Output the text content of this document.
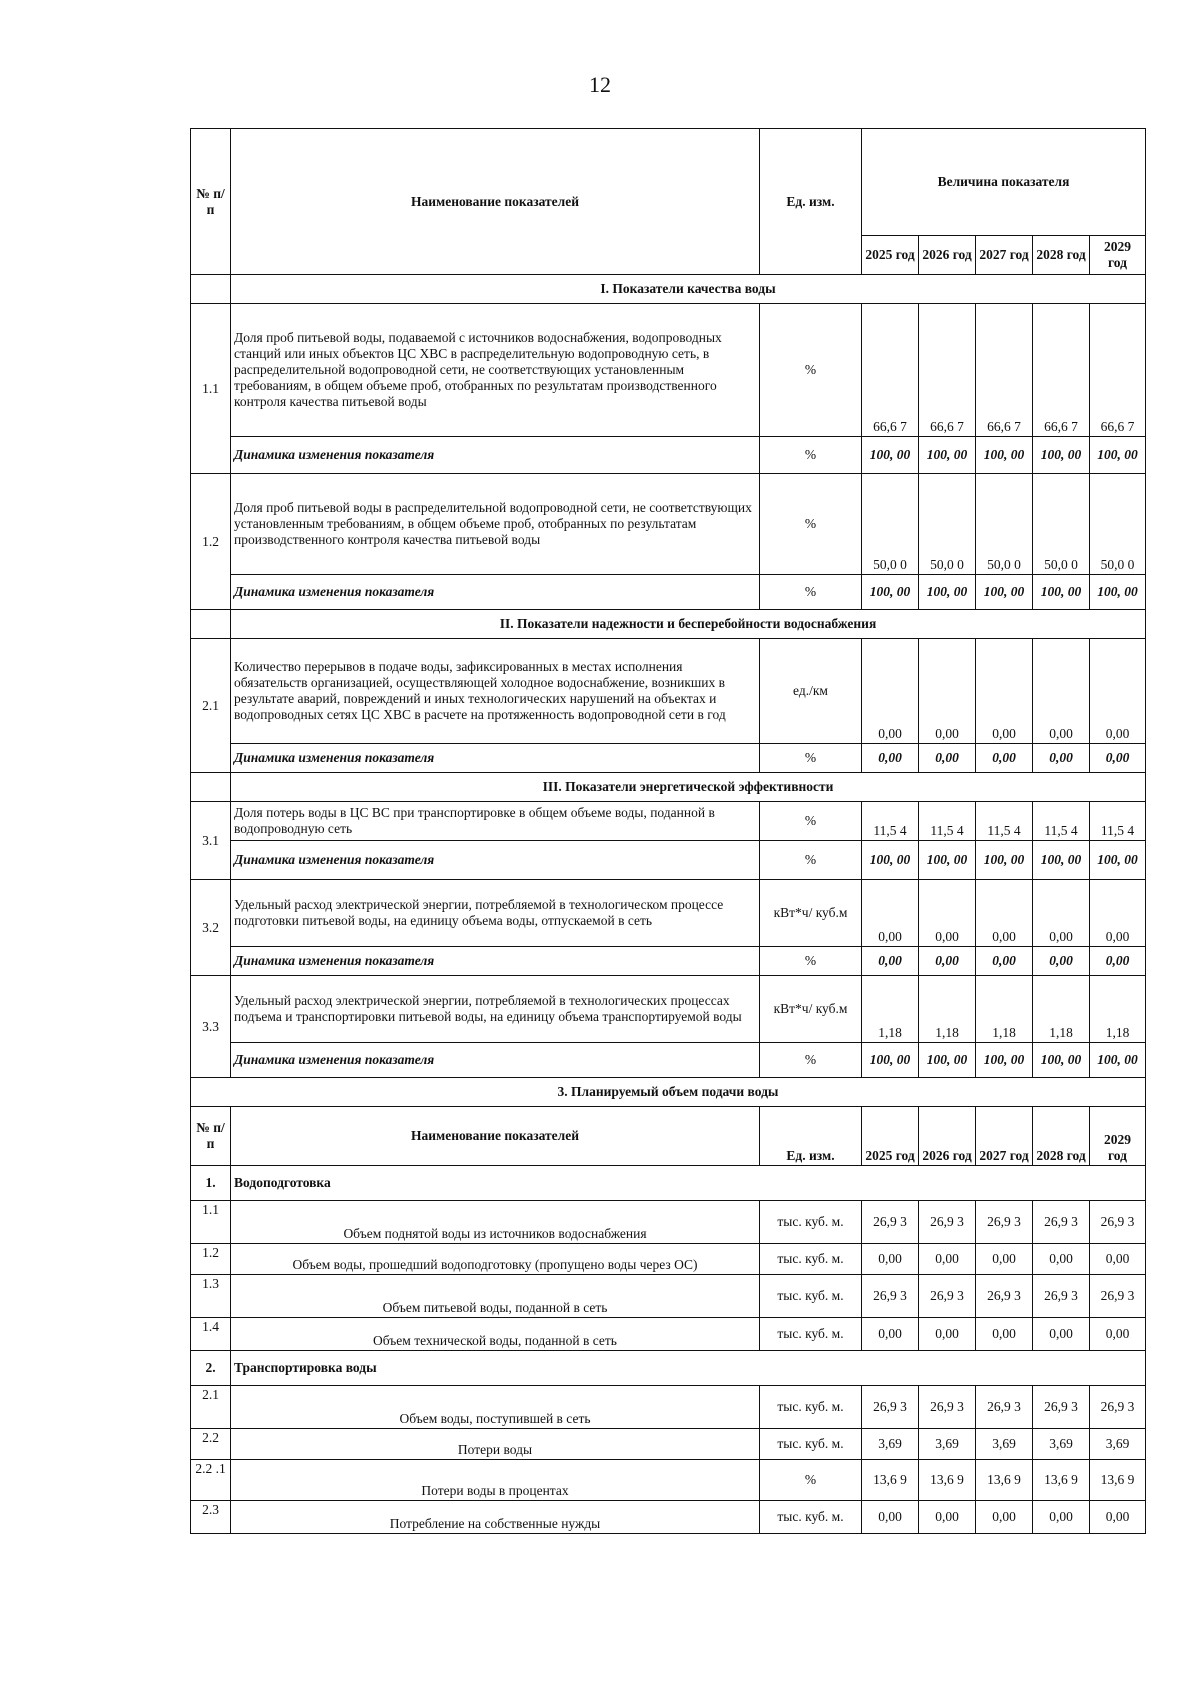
12
№ п/ п	Наименование показателей	Ед. изм.	Величина показателя				
			2025 год	2026 год	2027 год	2028 год	2029 год
	I. Показатели качества воды						
1.1	Доля проб питьевой воды, подаваемой с источников водоснабжения, водопроводных станций или иных объектов ЦС ХВС в распределительную водопроводную сеть, в распределительной водопроводной сети, не соответствующих установленным требованиям, в общем объеме проб, отобранных по результатам производственного контроля качества питьевой воды	%	66,6 7	66,6 7	66,6 7	66,6 7	66,6 7
	Динамика изменения показателя	%	100, 00	100, 00	100, 00	100, 00	100, 00
1.2	Доля проб питьевой воды в распределительной водопроводной сети, не соответствующих установленным требованиям, в общем объеме проб, отобранных по результатам производственного контроля качества питьевой воды	%	50,0 0	50,0 0	50,0 0	50,0 0	50,0 0
	Динамика изменения показателя	%	100, 00	100, 00	100, 00	100, 00	100, 00
	II. Показатели надежности и бесперебойности водоснабжения						
2.1	Количество перерывов в подаче воды, зафиксированных в местах исполнения обязательств организацией, осуществляющей холодное водоснабжение, возникших в результате аварий, повреждений и иных технологических нарушений на объектах и водопроводных сетях ЦС ХВС в расчете на протяженность водопроводной сети в год	ед./км	0,00	0,00	0,00	0,00	0,00
	Динамика изменения показателя	%	0,00	0,00	0,00	0,00	0,00
	III. Показатели энергетической эффективности						
3.1	Доля потерь воды в ЦС ВС при транспортировке в общем объеме воды, поданной в водопроводную сеть	%	11,5 4	11,5 4	11,5 4	11,5 4	11,5 4
	Динамика изменения показателя	%	100, 00	100, 00	100, 00	100, 00	100, 00
3.2	Удельный расход электрической энергии, потребляемой в технологическом процессе подготовки питьевой воды, на единицу объема воды, отпускаемой в сеть	кВт*ч/ куб.м	0,00	0,00	0,00	0,00	0,00
	Динамика изменения показателя	%	0,00	0,00	0,00	0,00	0,00
3.3	Удельный расход электрической энергии, потребляемой в технологических процессах подъема и транспортировки питьевой воды, на единицу объема транспортируемой воды	кВт*ч/ куб.м	1,18	1,18	1,18	1,18	1,18
	Динамика изменения показателя	%	100, 00	100, 00	100, 00	100, 00	100, 00
3. Планируемый объем подачи воды							
№ п/ п	Наименование показателей	Ед. изм.	2025 год	2026 год	2027 год	2028 год	2029 год
1.	Водоподготовка						
1.1	Объем поднятой воды из источников водоснабжения	тыс. куб. м.	26,9 3	26,9 3	26,9 3	26,9 3	26,9 3
1.2	Объем воды, прошедший водоподготовку (пропущено воды через ОС)	тыс. куб. м.	0,00	0,00	0,00	0,00	0,00
1.3	Объем питьевой воды, поданной в сеть	тыс. куб. м.	26,9 3	26,9 3	26,9 3	26,9 3	26,9 3
1.4	Объем технической воды, поданной в сеть	тыс. куб. м.	0,00	0,00	0,00	0,00	0,00
2.	Транспортировка воды						
2.1	Объем воды, поступившей в сеть	тыс. куб. м.	26,9 3	26,9 3	26,9 3	26,9 3	26,9 3
2.2	Потери воды	тыс. куб. м.	3,69	3,69	3,69	3,69	3,69
2.2 .1	Потери воды в процентах	%	13,6 9	13,6 9	13,6 9	13,6 9	13,6 9
2.3	Потребление на собственные нужды	тыс. куб. м.	0,00	0,00	0,00	0,00	0,00
